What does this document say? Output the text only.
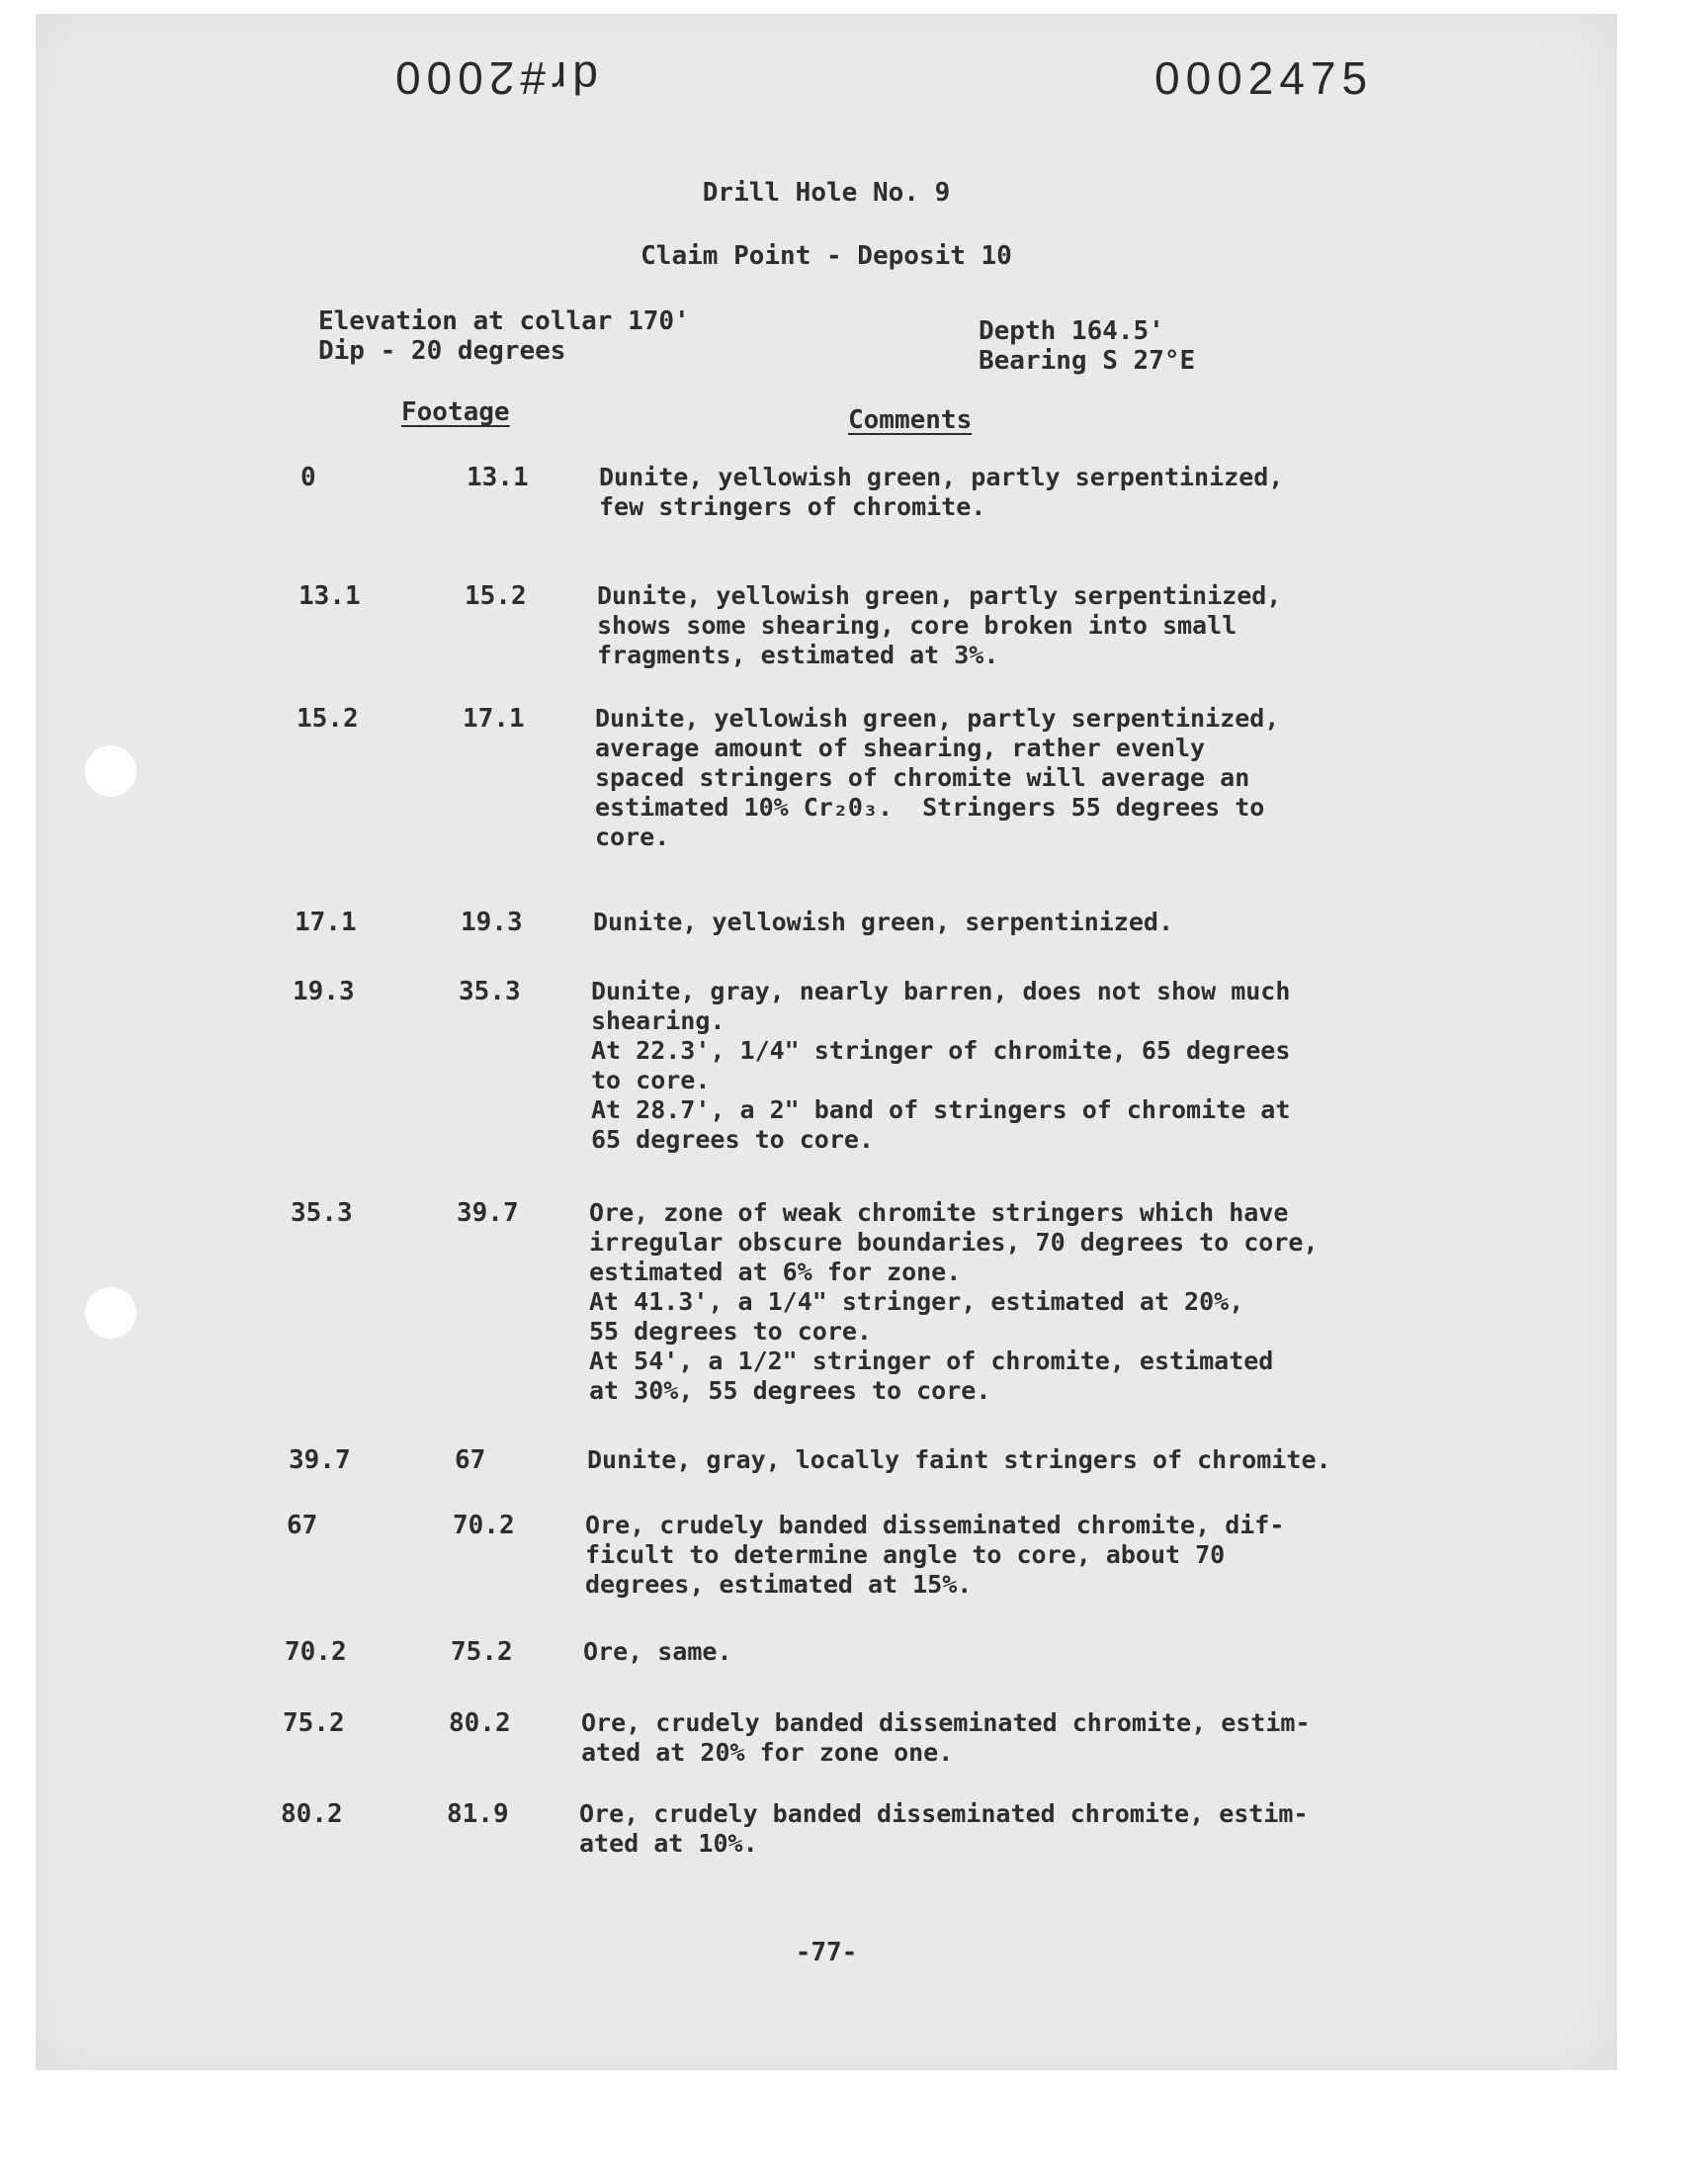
dr#2000	0002475
Drill Hole No. 9
Claim Point - Deposit 10
Elevation at collar 170'
Dip - 20 degrees
Depth 164.5'
Bearing S 27°E
Footage	Comments
0	13.1	Dunite, yellowish green, partly serpentinized,
few stringers of chromite.
13.1	15.2	Dunite, yellowish green, partly serpentinized,
shows some shearing, core broken into small
fragments, estimated at 3%.
15.2	17.1	Dunite, yellowish green, partly serpentinized,
average amount of shearing, rather evenly
spaced stringers of chromite will average an
estimated 10% Cr₂0₃.  Stringers 55 degrees to
core.
17.1	19.3	Dunite, yellowish green, serpentinized.
19.3	35.3	Dunite, gray, nearly barren, does not show much
shearing.
At 22.3', 1/4" stringer of chromite, 65 degrees
to core.
At 28.7', a 2" band of stringers of chromite at
65 degrees to core.
35.3	39.7	Ore, zone of weak chromite stringers which have
irregular obscure boundaries, 70 degrees to core,
estimated at 6% for zone.
At 41.3', a 1/4" stringer, estimated at 20%,
55 degrees to core.
At 54', a 1/2" stringer of chromite, estimated
at 30%, 55 degrees to core.
39.7	67	Dunite, gray, locally faint stringers of chromite.
67	70.2	Ore, crudely banded disseminated chromite, dif-
ficult to determine angle to core, about 70
degrees, estimated at 15%.
70.2	75.2	Ore, same.
75.2	80.2	Ore, crudely banded disseminated chromite, estim-
ated at 20% for zone one.
80.2	81.9	Ore, crudely banded disseminated chromite, estim-
ated at 10%.
-77-
